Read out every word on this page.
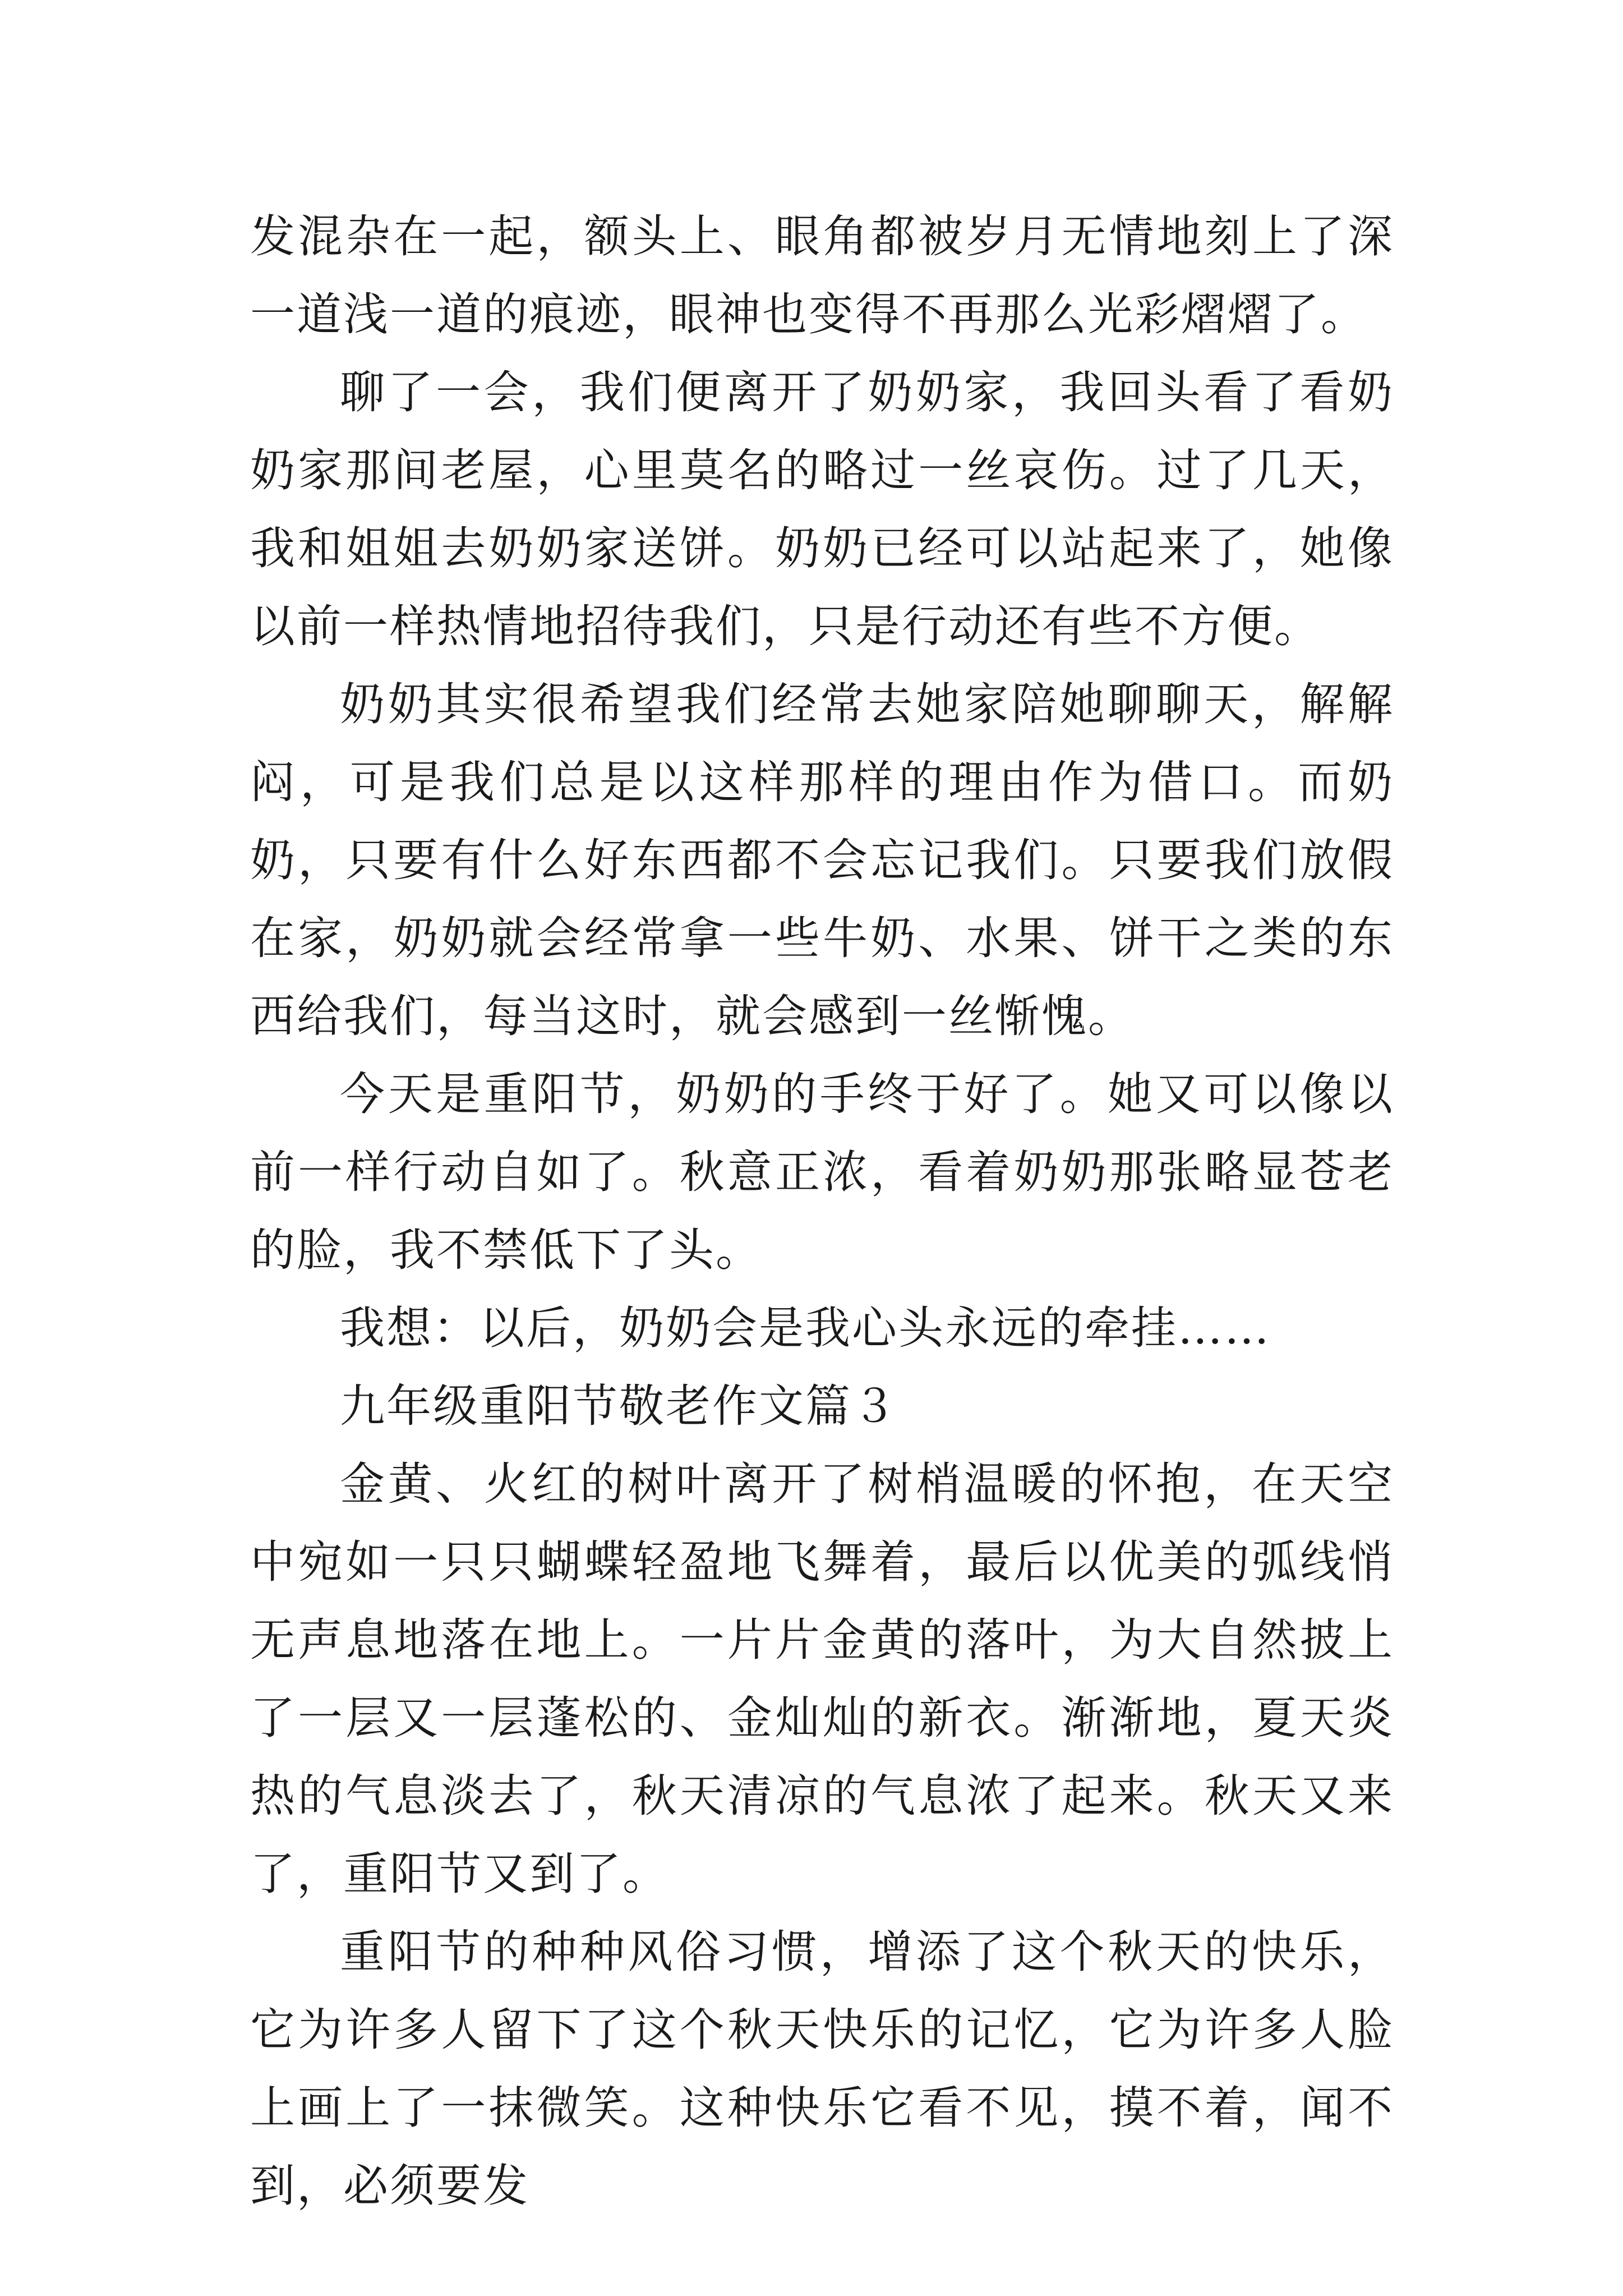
发混杂在一起，额头上、眼角都被岁月无情地刻上了深一道浅一道的痕迹，眼神也变得不再那么光彩熠熠了。

聊了一会，我们便离开了奶奶家，我回头看了看奶奶家那间老屋，心里莫名的略过一丝哀伤。过了几天，我和姐姐去奶奶家送饼。奶奶已经可以站起来了，她像以前一样热情地招待我们，只是行动还有些不方便。

奶奶其实很希望我们经常去她家陪她聊聊天，解解闷，可是我们总是以这样那样的理由作为借口。而奶奶，只要有什么好东西都不会忘记我们。只要我们放假在家，奶奶就会经常拿一些牛奶、水果、饼干之类的东西给我们，每当这时，就会感到一丝惭愧。

今天是重阳节，奶奶的手终于好了。她又可以像以前一样行动自如了。秋意正浓，看着奶奶那张略显苍老的脸，我不禁低下了头。

我想：以后，奶奶会是我心头永远的牵挂……

九年级重阳节敬老作文篇３

金黄、火红的树叶离开了树梢温暖的怀抱，在天空中宛如一只只蝴蝶轻盈地飞舞着，最后以优美的弧线悄无声息地落在地上。一片片金黄的落叶，为大自然披上了一层又一层蓬松的、金灿灿的新衣。渐渐地，夏天炎热的气息淡去了，秋天清凉的气息浓了起来。秋天又来了，重阳节又到了。

重阳节的种种风俗习惯，增添了这个秋天的快乐，它为许多人留下了这个秋天快乐的记忆，它为许多人脸上画上了一抹微笑。这种快乐它看不见，摸不着，闻不到，必须要发
